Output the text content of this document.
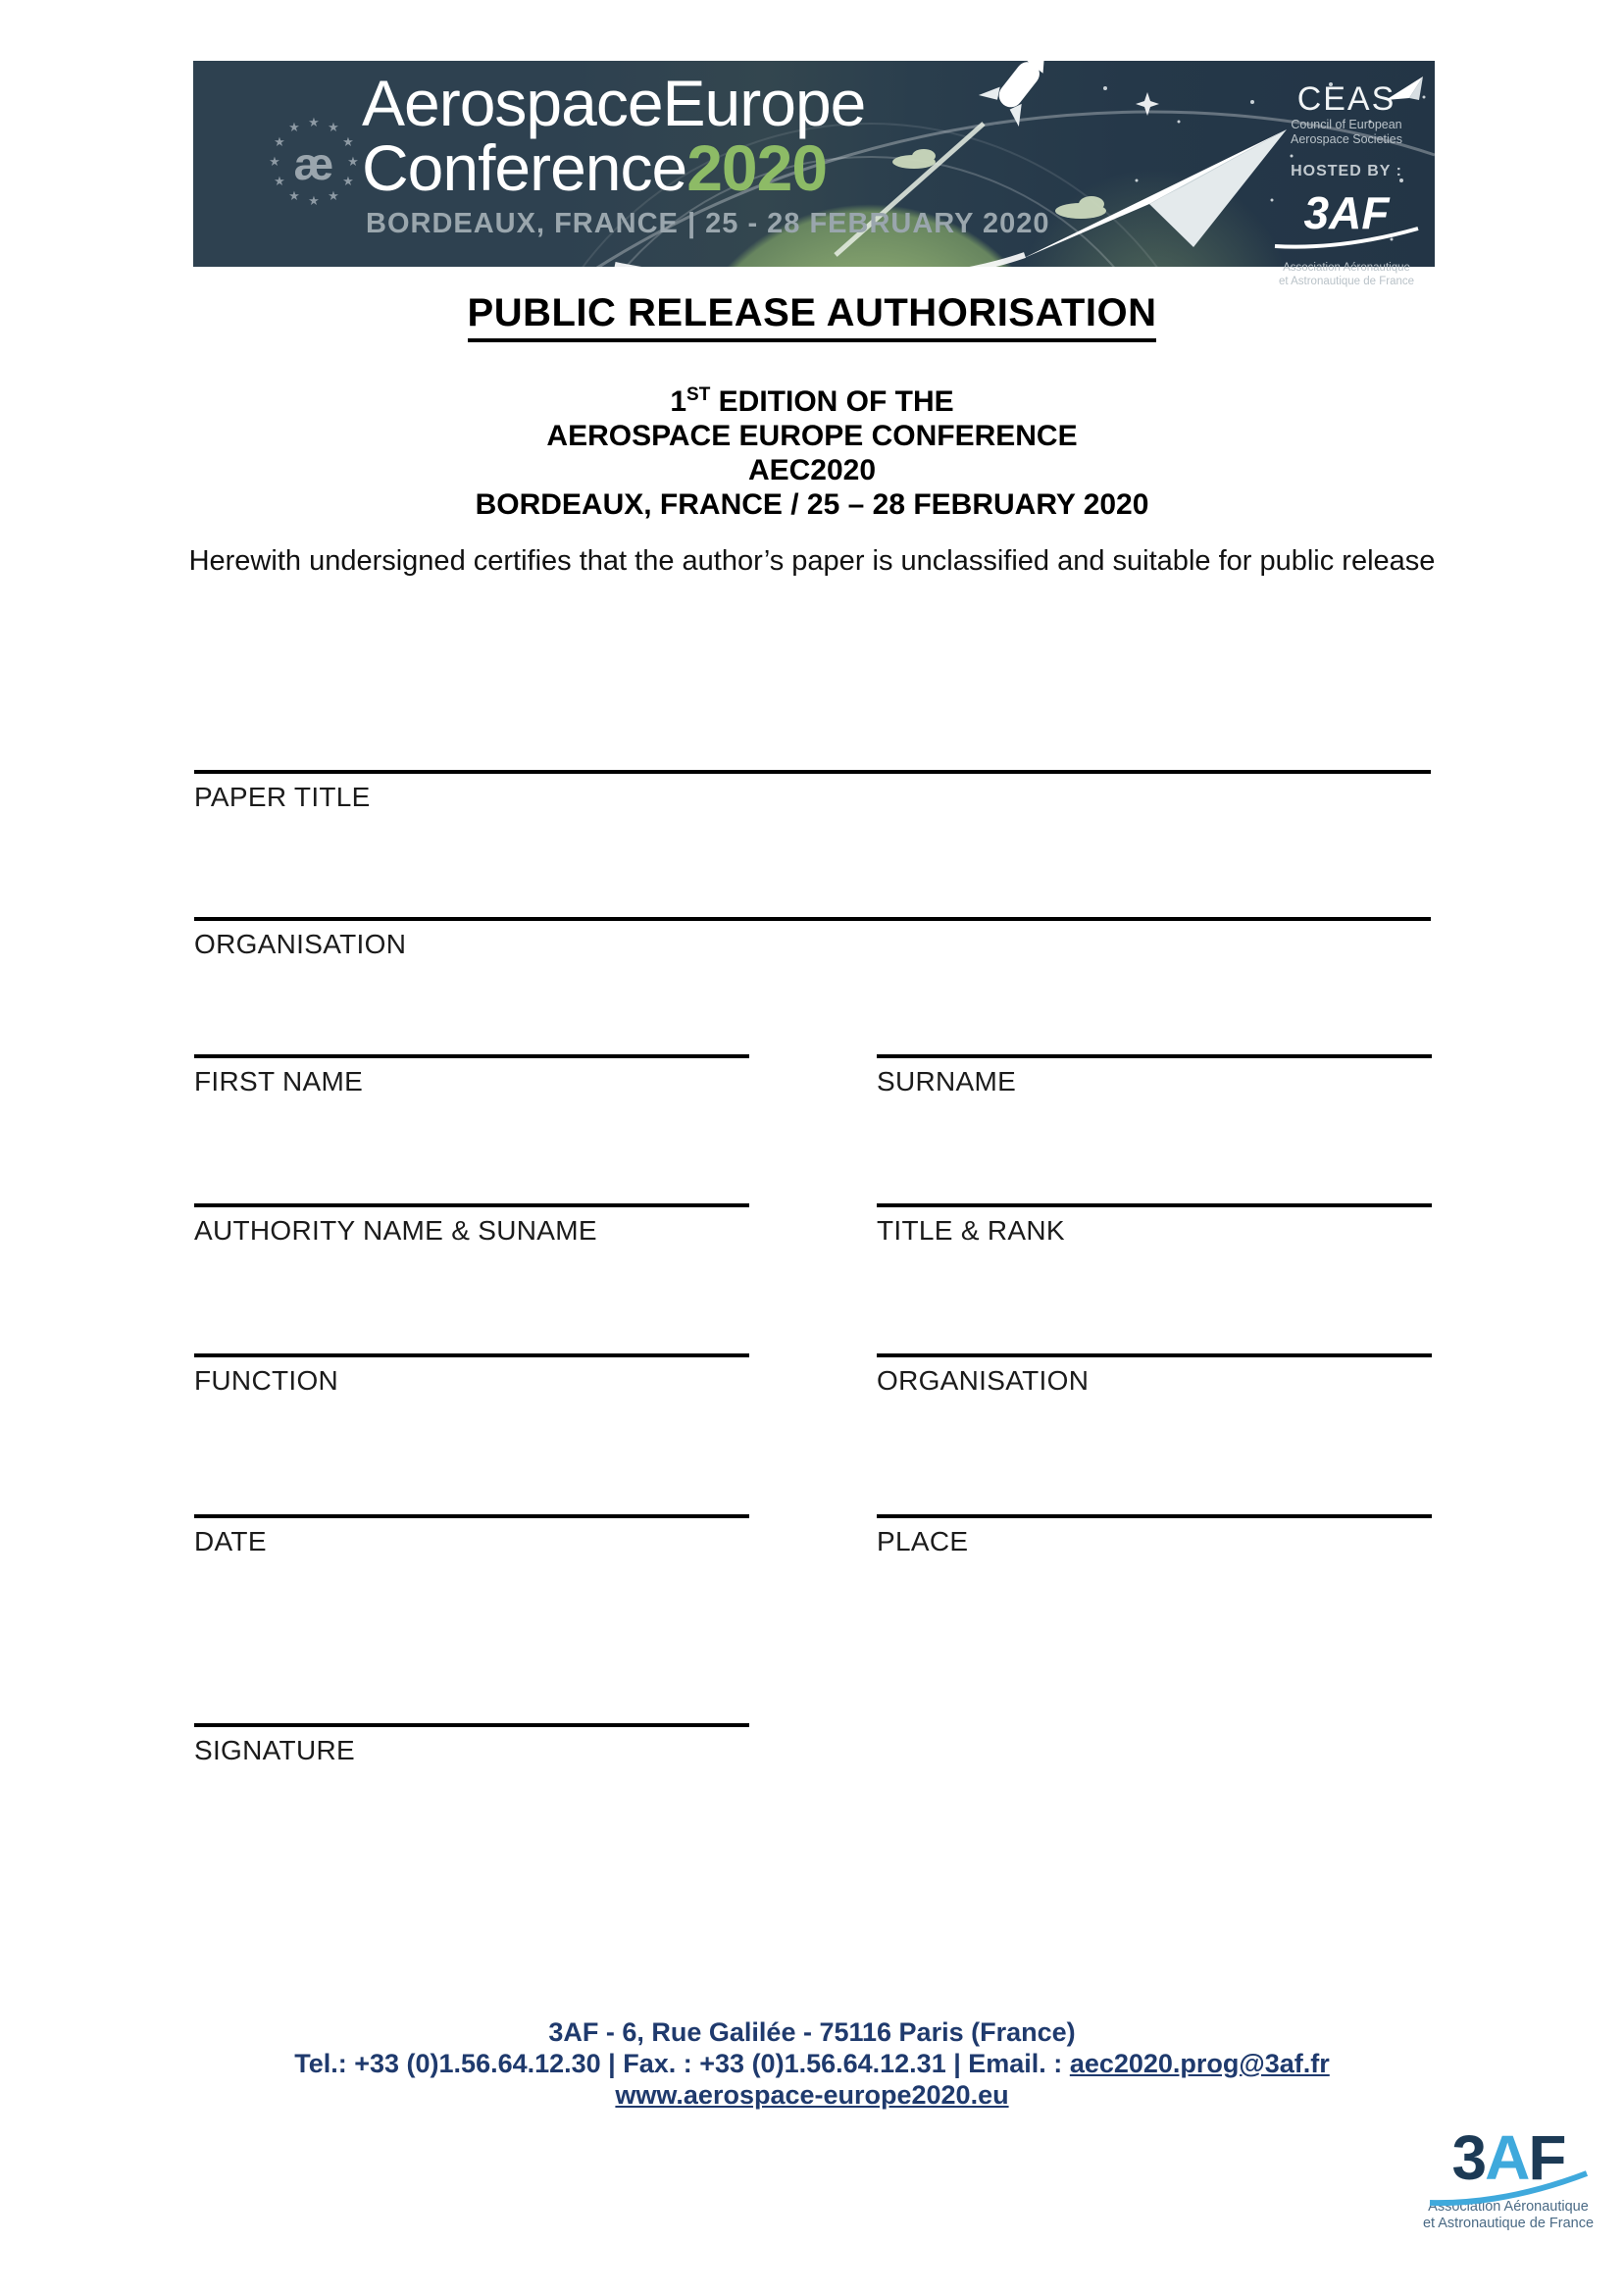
★ ★
★
★
★
★
★
★
★
★
★
★
æ
AerospaceEurope
Conference2020
BORDEAUX, FRANCE | 25 - 28 FEBRUARY 2020
CEAS
Council of European
Aerospace Societies
HOSTED BY :
3AF
Association Aéronautique
et Astronautique de France
PUBLIC RELEASE AUTHORISATION
1ST EDITION OF THE
AEROSPACE EUROPE CONFERENCE
AEC2020
BORDEAUX, FRANCE / 25 – 28 FEBRUARY 2020
Herewith undersigned certifies that the author’s paper is unclassified and suitable for public release
PAPER TITLE
ORGANISATION
FIRST NAME	SURNAME
AUTHORITY NAME & SUNAME	TITLE & RANK
FUNCTION	ORGANISATION
DATE	PLACE
SIGNATURE
3AF - 6, Rue Galilée - 75116 Paris (France)
Tel.: +33 (0)1.56.64.12.30 | Fax. : +33 (0)1.56.64.12.31 | Email. : aec2020.prog@3af.fr
www.aerospace-europe2020.eu
3AF
Association Aéronautique
et Astronautique de France
